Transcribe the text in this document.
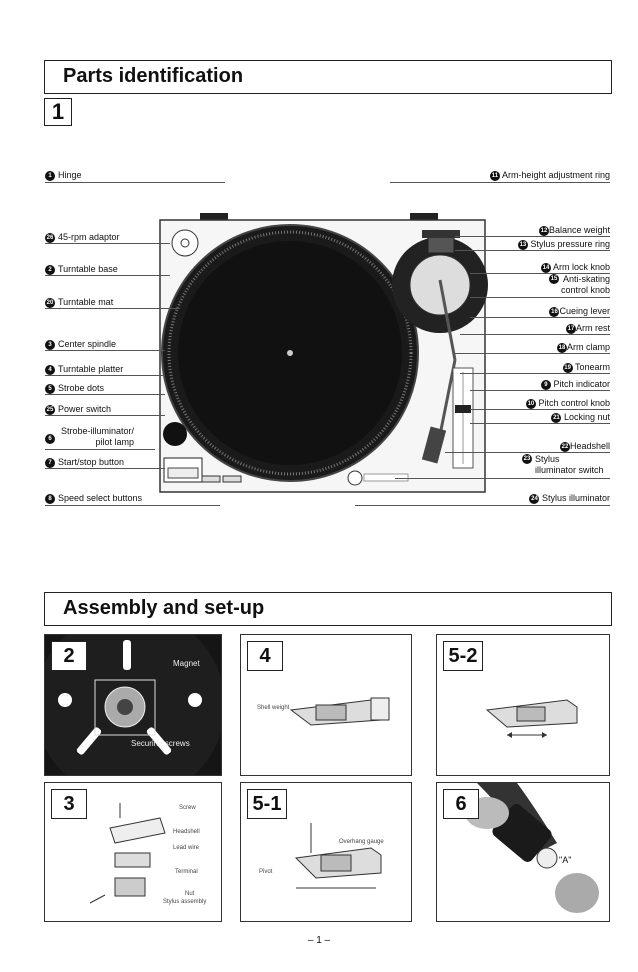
Parts identification
1
1 Hinge
26 45-rpm adaptor
2 Turntable base
20 Turntable mat
3 Center spindle
4 Turntable platter
5 Strobe dots
25 Power switch
6
Strobe-illuminator/
pilot lamp
7 Start/stop button
8 Speed select buttons
11 Arm-height adjustment ring
12 Balance weight
13 Stylus pressure ring
14 Arm lock knob
15 Anti-skating
control knob
16 Cueing lever
17 Arm rest
18 Arm clamp
19 Tonearm
9 Pitch indicator
10 Pitch control knob
21 Locking nut
22 Headshell
23 Stylus
illuminator switch
24 Stylus illuminator
Assembly and set-up
2	Magnet
Securing screws
4
Shell weight
5-2
3	Screw
Headshell
Lead wire
Terminal
Nut
Stylus assembly
5-1
Overhang gauge
Pivot
6
"A"
– 1 –
